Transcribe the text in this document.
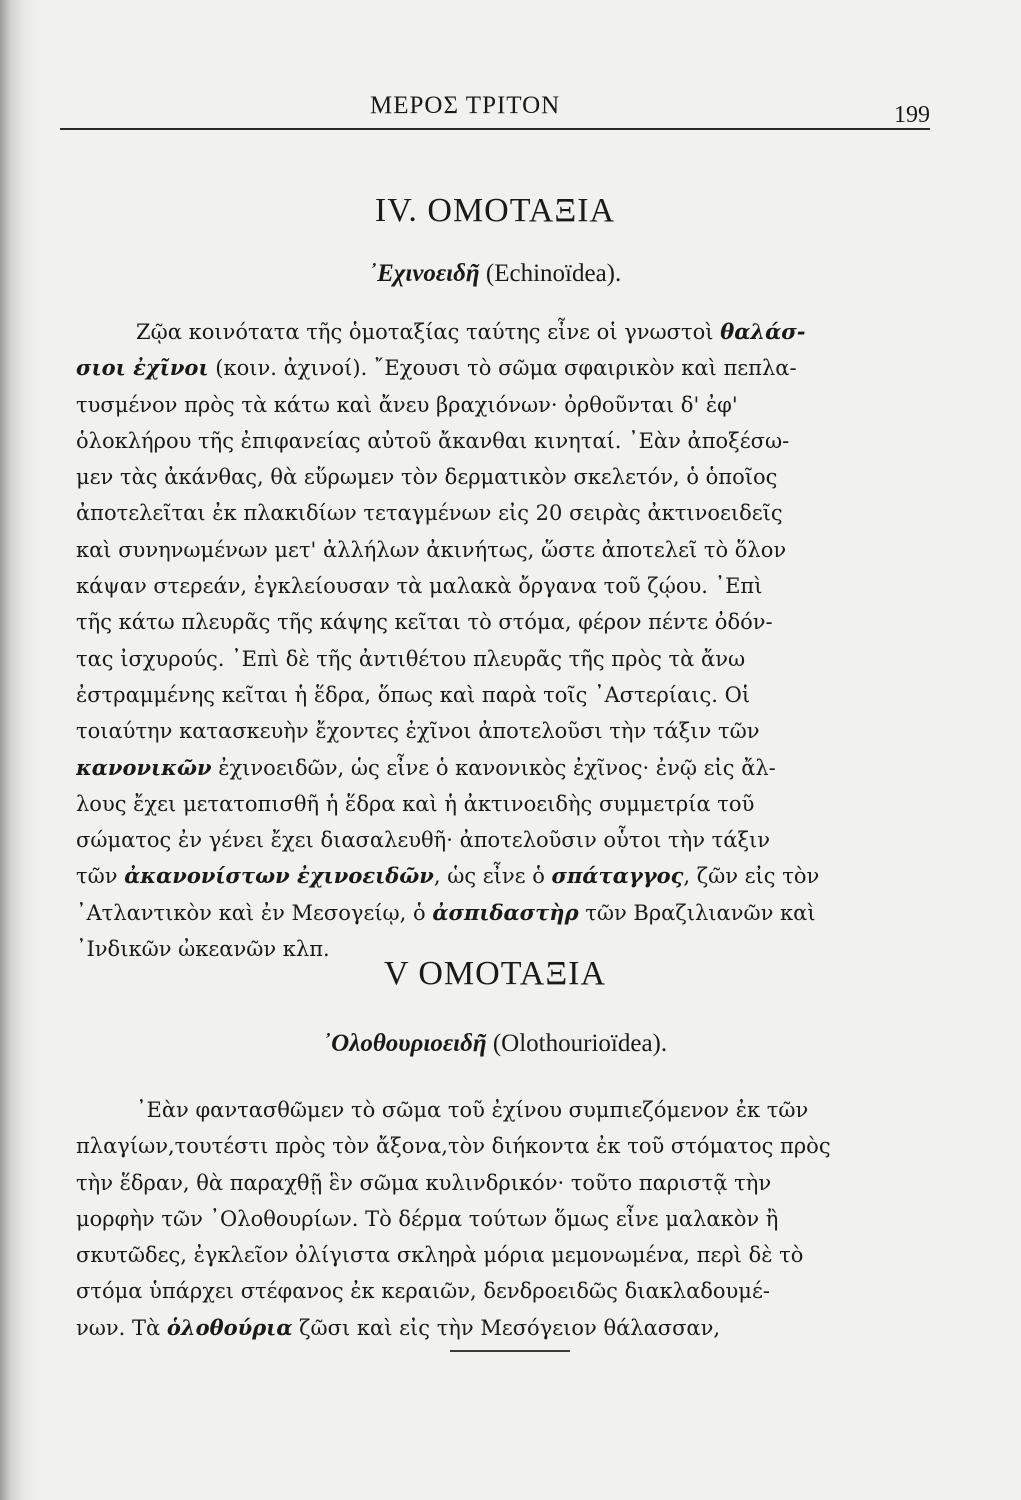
ΜΕΡΟΣ ΤΡΙΤΟΝ	199
IV. ΟΜΟΤΑΞΙΑ
᾿Εχινοειδῆ (Echinoïdea).
Ζῷα κοινότατα τῆς ὁμοταξίας ταύτης εἶνε οἱ γνωστοὶ θαλάσ-
σιοι ἐχῖνοι (κοιν. ἀχινοί). ῎Εχουσι τὸ σῶμα σφαιρικὸν καὶ πεπλα-
τυσμένον πρὸς τὰ κάτω καὶ ἄνευ βραχιόνων· ὀρθοῦνται δ' ἐφ'
ὁλοκλήρου τῆς ἐπιφανείας αὐτοῦ ἄκανθαι κινηταί. ᾿Εὰν ἀποξέσω-
μεν τὰς ἀκάνθας, θὰ εὕρωμεν τὸν δερματικὸν σκελετόν, ὁ ὁποῖος
ἀποτελεῖται ἐκ πλακιδίων τεταγμένων εἰς 20 σειρὰς ἀκτινοειδεῖς
καὶ συνηνωμένων μετ' ἀλλήλων ἀκινήτως, ὥστε ἀποτελεῖ τὸ ὅλον
κάψαν στερεάν, ἐγκλείουσαν τὰ μαλακὰ ὄργανα τοῦ ζῴου. ᾿Επὶ
τῆς κάτω πλευρᾶς τῆς κάψης κεῖται τὸ στόμα, φέρον πέντε ὀδόν-
τας ἰσχυρούς. ᾿Επὶ δὲ τῆς ἀντιθέτου πλευρᾶς τῆς πρὸς τὰ ἄνω
ἐστραμμένης κεῖται ἡ ἕδρα, ὅπως καὶ παρὰ τοῖς ᾿Αστερίαις. Οἱ
τοιαύτην κατασκευὴν ἔχοντες ἐχῖνοι ἀποτελοῦσι τὴν τάξιν τῶν
κανονικῶν ἐχινοειδῶν, ὡς εἶνε ὁ κανονικὸς ἐχῖνος· ἐνῷ εἰς ἄλ-
λους ἔχει μετατοπισθῆ ἡ ἕδρα καὶ ἡ ἀκτινοειδὴς συμμετρία τοῦ
σώματος ἐν γένει ἔχει διασαλευθῆ· ἀποτελοῦσιν οὗτοι τὴν τάξιν
τῶν ἀκανονίστων ἐχινοειδῶν, ὡς εἶνε ὁ σπάταγγος, ζῶν εἰς τὸν
᾿Ατλαντικὸν καὶ ἐν Μεσογείῳ, ὁ ἀσπιδαστὴρ τῶν Βραζιλιανῶν καὶ
᾿Ινδικῶν ὠκεανῶν κλπ.
V ΟΜΟΤΑΞΙΑ
᾿Ολοθουριοειδῆ (Olothourioïdea).
᾿Εὰν φαντασθῶμεν τὸ σῶμα τοῦ ἐχίνου συμπιεζόμενον ἐκ τῶν
πλαγίων,τουτέστι πρὸς τὸν ἄξονα,τὸν διήκοντα ἐκ τοῦ στόματος πρὸς
τὴν ἕδραν, θὰ παραχθῇ ἓν σῶμα κυλινδρικόν· τοῦτο παριστᾷ τὴν
μορφὴν τῶν ᾿Ολοθουρίων. Τὸ δέρμα τούτων ὅμως εἶνε μαλακὸν ἢ
σκυτῶδες, ἐγκλεῖον ὀλίγιστα σκληρὰ μόρια μεμονωμένα, περὶ δὲ τὸ
στόμα ὑπάρχει στέφανος ἐκ κεραιῶν, δενδροειδῶς διακλαδουμέ-
νων. Τὰ ὁλοθούρια ζῶσι καὶ εἰς τὴν Μεσόγειον θάλασσαν,
